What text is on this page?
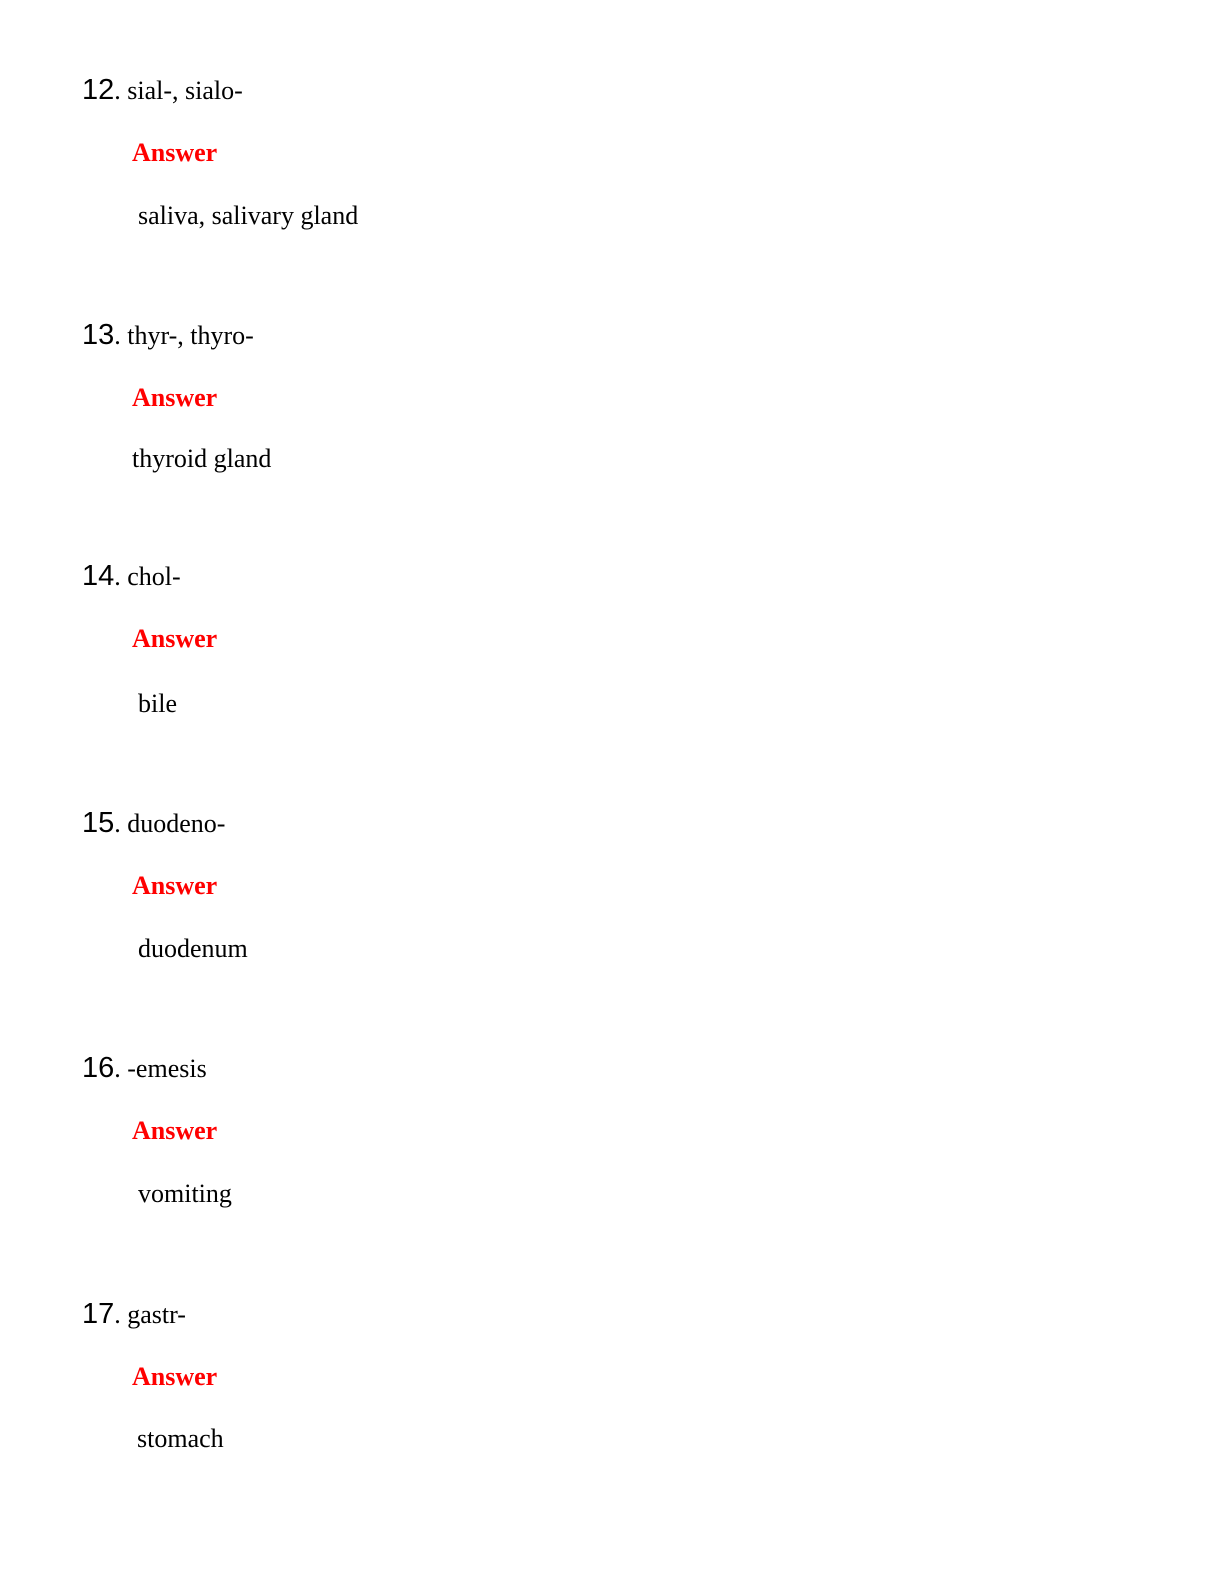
12. sial-, sialo-
Answer
saliva, salivary gland
13. thyr-, thyro-
Answer
thyroid gland
14. chol-
Answer
bile
15. duodeno-
Answer
duodenum
16. -emesis
Answer
vomiting
17. gastr-
Answer
stomach
